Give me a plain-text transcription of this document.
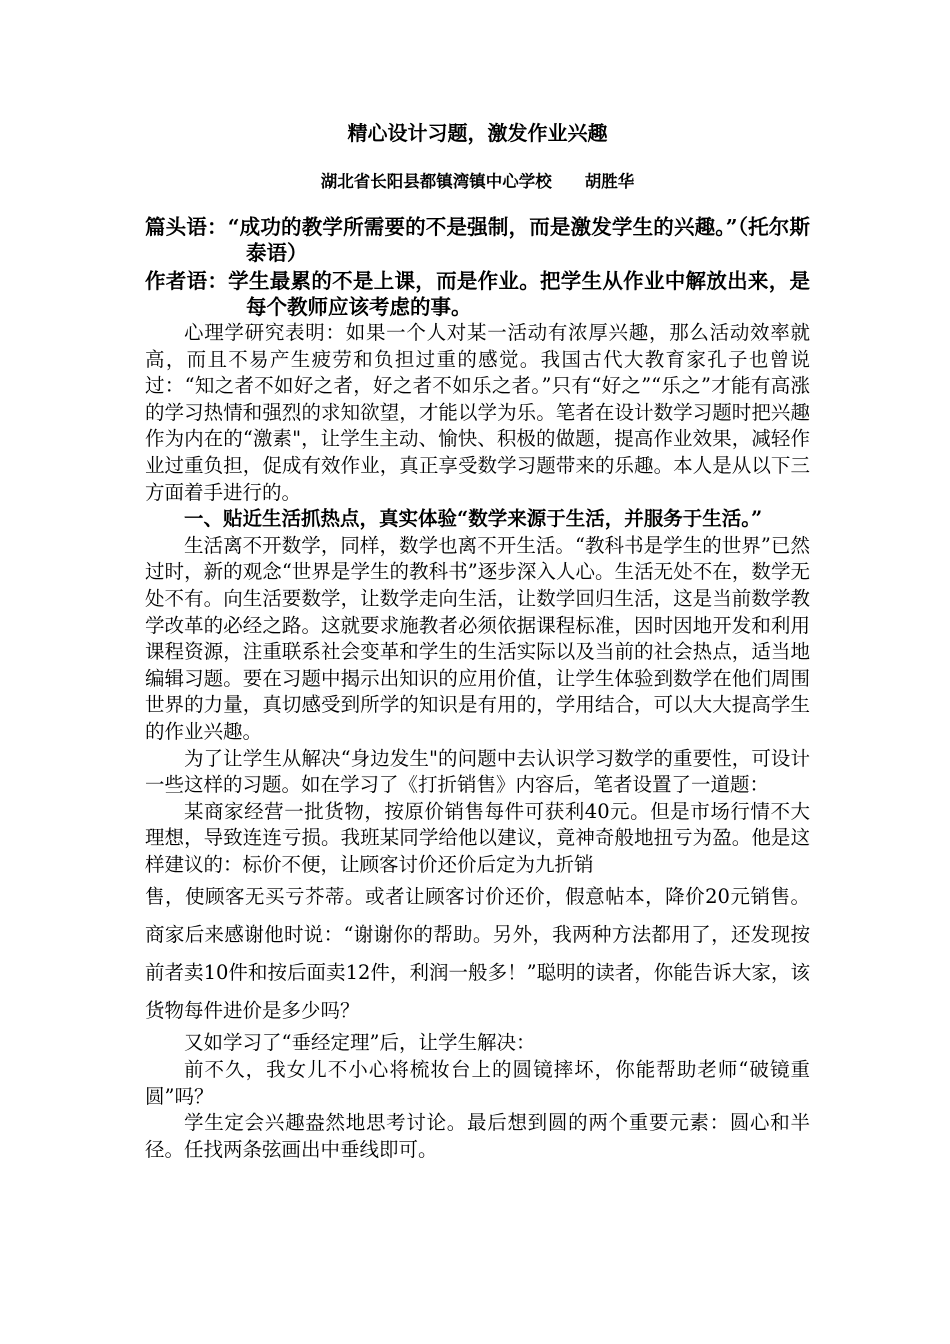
精心设计习题，激发作业兴趣
湖北省长阳县都镇湾镇中心学校　　胡胜华

篇头语：“成功的教学所需要的不是强制，而是激发学生的兴趣。”（托尔斯泰语）

作者语：学生最累的不是上课，而是作业。把学生从作业中解放出来，是每个教师应该考虑的事。

心理学研究表明：如果一个人对某一活动有浓厚兴趣，那么活动效率就高，而且不易产生疲劳和负担过重的感觉。我国古代大教育家孔子也曾说过：“知之者不如好之者，好之者不如乐之者。”只有“好之”“乐之”才能有高涨的学习热情和强烈的求知欲望，才能以学为乐。笔者在设计数学习题时把兴趣作为内在的“激素"，让学生主动、愉快、积极的做题，提高作业效果，减轻作业过重负担，促成有效作业，真正享受数学习题带来的乐趣。本人是从以下三方面着手进行的。

一、贴近生活抓热点，真实体验“数学来源于生活，并服务于生活。”

生活离不开数学，同样，数学也离不开生活。“教科书是学生的世界”已然过时，新的观念“世界是学生的教科书”逐步深入人心。生活无处不在，数学无处不有。向生活要数学，让数学走向生活，让数学回归生活，这是当前数学教学改革的必经之路。这就要求施教者必须依据课程标准，因时因地开发和利用课程资源，注重联系社会变革和学生的生活实际以及当前的社会热点，适当地编辑习题。要在习题中揭示出知识的应用价值，让学生体验到数学在他们周围世界的力量，真切感受到所学的知识是有用的，学用结合，可以大大提高学生的作业兴趣。

为了让学生从解决“身边发生"的问题中去认识学习数学的重要性，可设计一些这样的习题。如在学习了《打折销售》内容后，笔者设置了一道题：

某商家经营一批货物，按原价销售每件可获利40元。但是市场行情不大理想，导致连连亏损。我班某同学给他以建议，竟神奇般地扭亏为盈。他是这样建议的：标价不便，让顾客讨价还价后定为九折销

售，使顾客无买亏芥蒂。或者让顾客讨价还价，假意帖本，降价20元销售。商家后来感谢他时说：“谢谢你的帮助。另外，我两种方法都用了，还发现按前者卖10件和按后面卖12件，利润一般多！”聪明的读者，你能告诉大家，该货物每件进价是多少吗？

又如学习了“垂经定理”后，让学生解决：

前不久，我女儿不小心将梳妆台上的圆镜摔坏，你能帮助老师“破镜重圆”吗？

学生定会兴趣盎然地思考讨论。最后想到圆的两个重要元素：圆心和半径。任找两条弦画出中垂线即可。
